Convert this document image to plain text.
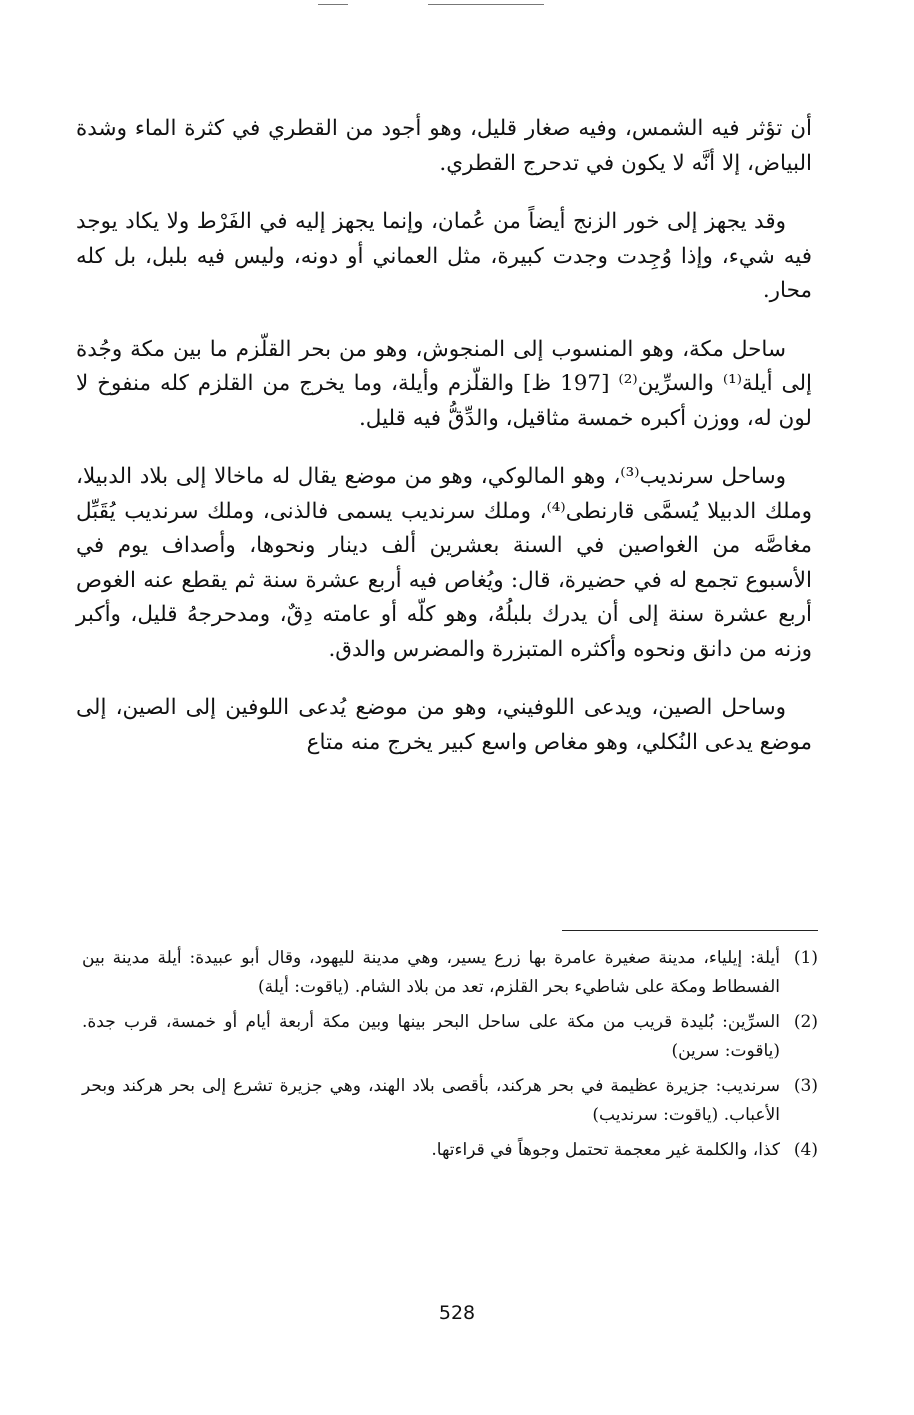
أن تؤثر فيه الشمس، وفيه صغار قليل، وهو أجود من القطري في كثرة الماء وشدة البياض، إلا أنَّه لا يكون في تدحرج القطري.

وقد يجهز إلى خور الزنج أيضاً من عُمان، وإنما يجهز إليه في الفَرْط ولا يكاد يوجد فيه شيء، وإذا وُجِدت وجدت كبيرة، مثل العماني أو دونه، وليس فيه بلبل، بل كله محار.

ساحل مكة، وهو المنسوب إلى المنجوش، وهو من بحر القلّزم ما بين مكة وجُدة إلى أيلة⁽¹⁾ والسرِّين⁽²⁾ [197 ظ] والقلّزم وأيلة، وما يخرج من القلزم كله منفوخ لا لون له، ووزن أكبره خمسة مثاقيل، والدِّقُّ فيه قليل.

وساحل سرنديب⁽³⁾، وهو المالوكي، وهو من موضع يقال له ماخالا إلى بلاد الدبيلا، وملك الدبيلا يُسمَّى قارنطى⁽⁴⁾، وملك سرنديب يسمى فالذنى، وملك سرنديب يُقَبِّل مغاصَّه من الغواصين في السنة بعشرين ألف دينار ونحوها، وأصداف يوم في الأسبوع تجمع له في حضيرة، قال: ويُغاص فيه أربع عشرة سنة ثم يقطع عنه الغوص أربع عشرة سنة إلى أن يدرك بلبلُهُ، وهو كلّه أو عامته دِقٌ، ومدحرجهُ قليل، وأكبر وزنه من دانق ونحوه وأكثره المتبزرة والمضرس والدق.

وساحل الصين، ويدعى اللوفيني، وهو من موضع يُدعى اللوفين إلى الصين، إلى موضع يدعى النُكلي، وهو مغاص واسع كبير يخرج منه متاع

(1)
أيلة: إيلياء، مدينة صغيرة عامرة بها زرع يسير، وهي مدينة لليهود، وقال أبو عبيدة: أيلة مدينة بين الفسطاط ومكة على شاطيء بحر القلزم، تعد من بلاد الشام. (ياقوت: أيلة)
(2)
السرِّين: بُليدة قريب من مكة على ساحل البحر بينها وبين مكة أربعة أيام أو خمسة، قرب جدة. (ياقوت: سرين)
(3)
سرنديب: جزيرة عظيمة في بحر هركند، بأقصى بلاد الهند، وهي جزيرة تشرع إلى بحر هركند وبحر الأعباب. (ياقوت: سرنديب)
(4)
كذا، والكلمة غير معجمة تحتمل وجوهاً في قراءتها.
528
